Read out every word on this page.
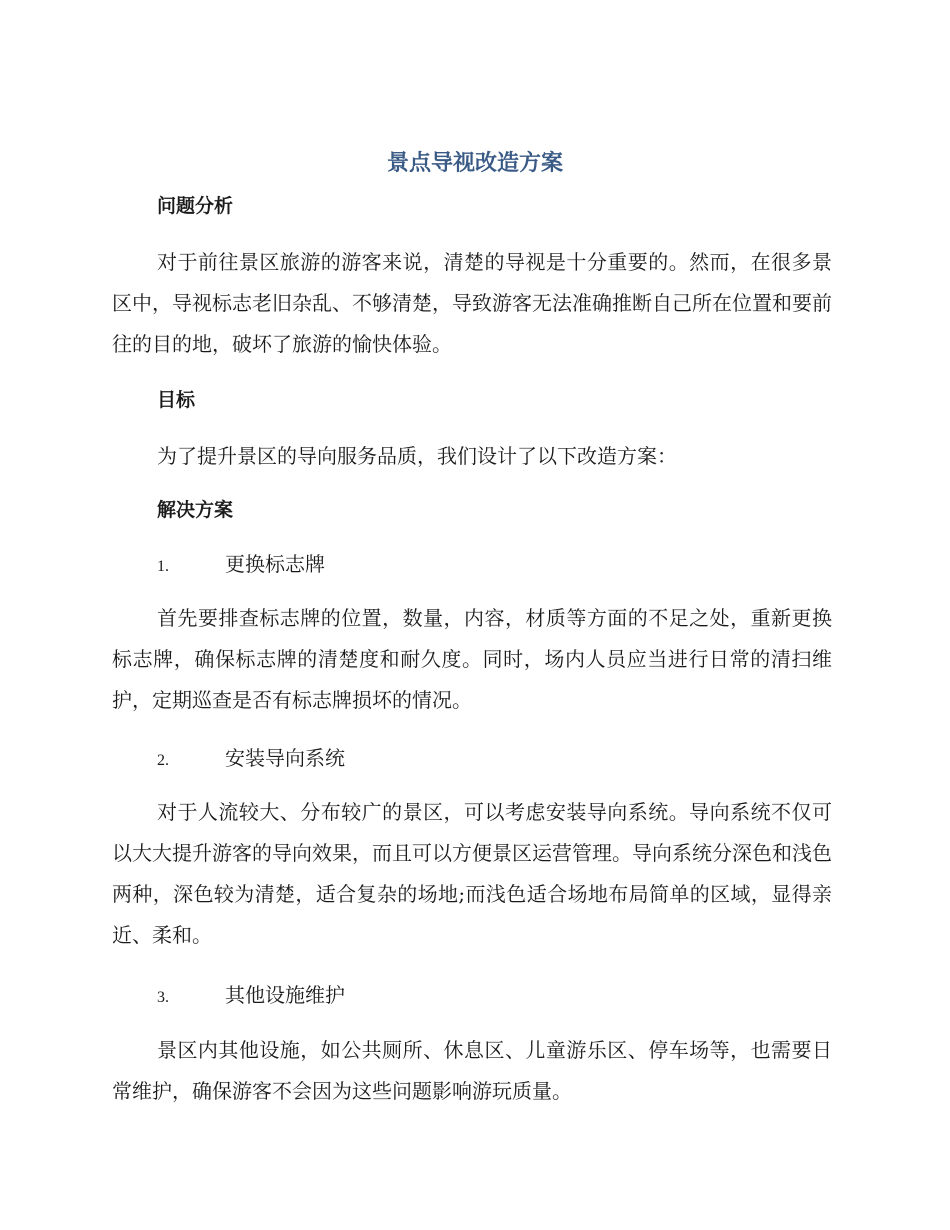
景点导视改造方案
问题分析

对于前往景区旅游的游客来说，清楚的导视是十分重要的。然而，在很多景区中，导视标志老旧杂乱、不够清楚，导致游客无法准确推断自己所在位置和要前往的目的地，破坏了旅游的愉快体验。

目标

为了提升景区的导向服务品质，我们设计了以下改造方案：

解决方案
1.	更换标志牌

首先要排查标志牌的位置，数量，内容，材质等方面的不足之处，重新更换标志牌，确保标志牌的清楚度和耐久度。同时，场内人员应当进行日常的清扫维护，定期巡查是否有标志牌损坏的情况。

2.	安装导向系统

对于人流较大、分布较广的景区，可以考虑安装导向系统。导向系统不仅可以大大提升游客的导向效果，而且可以方便景区运营管理。导向系统分深色和浅色两种，深色较为清楚，适合复杂的场地;而浅色适合场地布局简单的区域，显得亲近、柔和。

3.	其他设施维护

景区内其他设施，如公共厕所、休息区、儿童游乐区、停车场等，也需要日常维护，确保游客不会因为这些问题影响游玩质量。
